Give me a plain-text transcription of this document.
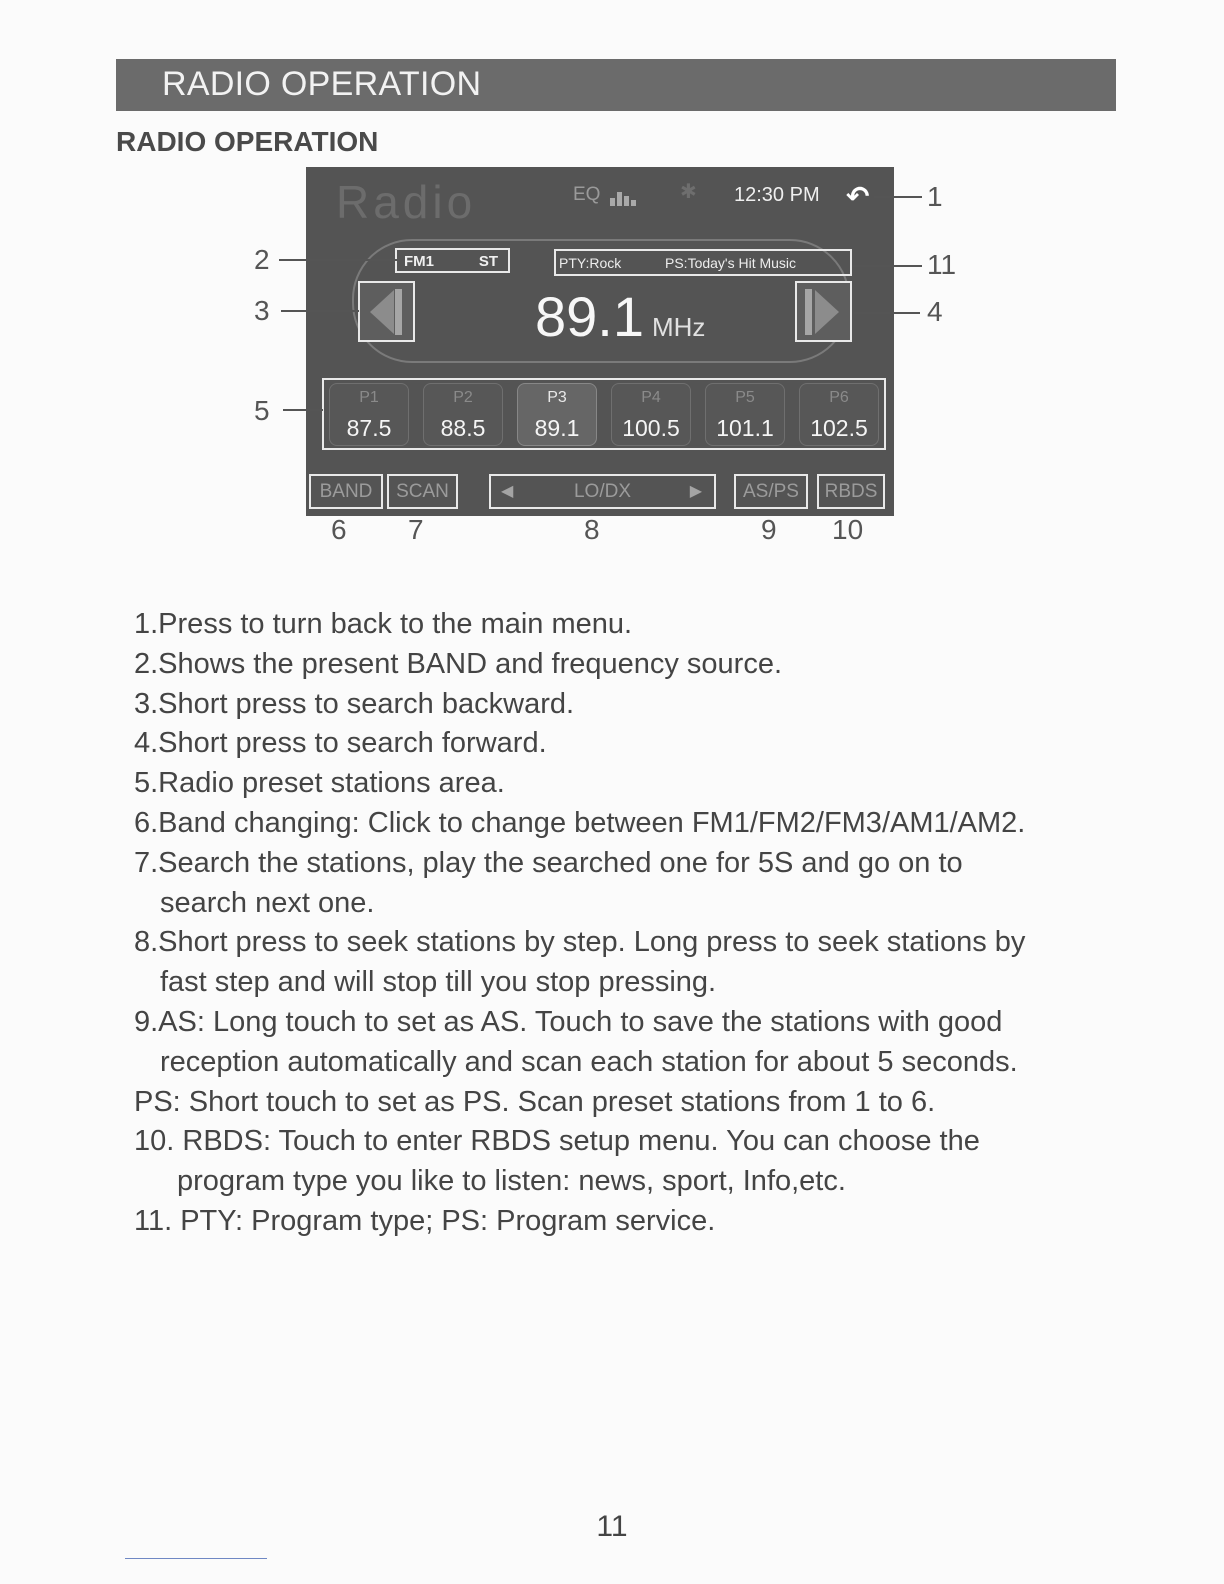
RADIO OPERATION
RADIO OPERATION
Radio	EQ	✱ 12:30 PM ↶
FM1	ST	PTY:Rock	PS:Today's Hit Music
89.1 MHz
P1
87.5
P2
88.5
P3
89.1
P4
100.5
P5
101.1
P6
102.5
BAND	SCAN	◀	LO/DX	▶	AS/PS	RBDS
1
2
3	4
5
6 7	8	9 10
11

1.Press to turn back to the main menu.

2.Shows the present BAND and frequency source.

3.Short press to search backward.

4.Short press to search forward.

5.Radio preset stations area.

6.Band changing: Click to change between FM1/FM2/FM3/AM1/AM2.

7.Search the stations, play the searched one for 5S and go on to

search next one.

8.Short press to seek stations by step. Long press to seek stations by

fast step and will stop till you stop pressing.

9.AS: Long touch to set as AS. Touch to save the stations with good

reception automatically and scan each station for about 5 seconds.

PS: Short touch to set as PS. Scan preset stations from 1 to 6.

10. RBDS: Touch to enter RBDS setup menu. You can choose the

program type you like to listen: news, sport, Info,etc.

11. PTY: Program type; PS: Program service.

11
